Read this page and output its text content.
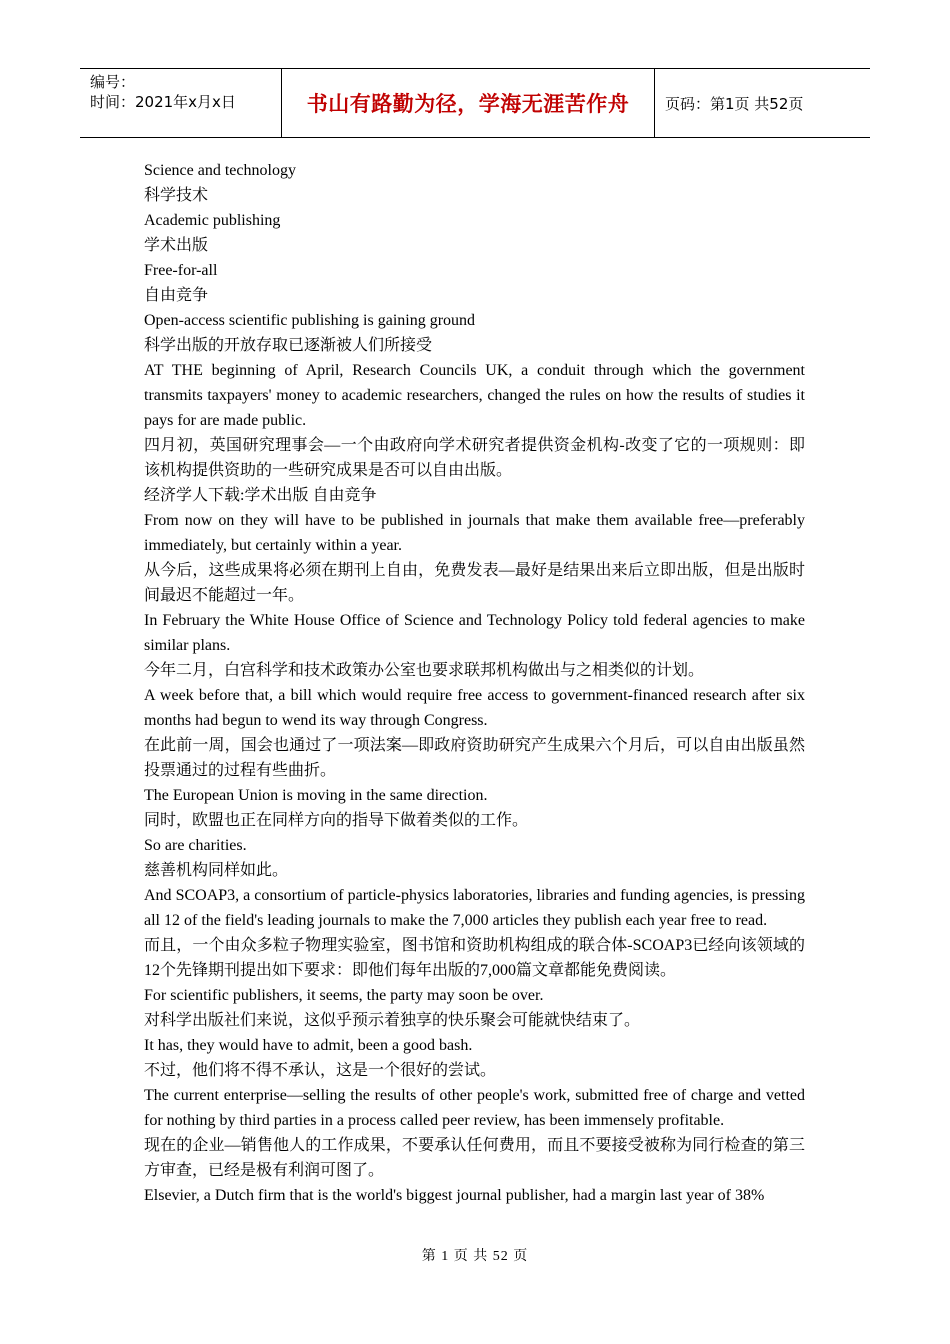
编号：
时间：2021年x月x日	书山有路勤为径，学海无涯苦作舟	页码：第1页 共52页

Science and technology

科学技术

Academic publishing

学术出版

Free-for-all

自由竞争

Open-access scientific publishing is gaining ground

科学出版的开放存取已逐渐被人们所接受

AT THE beginning of April, Research Councils UK, a conduit through which the government transmits taxpayers' money to academic researchers, changed the rules on how the results of studies it pays for are made public.

四月初，英国研究理事会—一个由政府向学术研究者提供资金机构-改变了它的一项规则：即该机构提供资助的一些研究成果是否可以自由出版。

经济学人下载:学术出版 自由竞争

From now on they will have to be published in journals that make them available free—preferably immediately, but certainly within a year.

从今后，这些成果将必须在期刊上自由，免费发表—最好是结果出来后立即出版，但是出版时间最迟不能超过一年。

In February the White House Office of Science and Technology Policy told federal agencies to make similar plans.

今年二月，白宫科学和技术政策办公室也要求联邦机构做出与之相类似的计划。

A week before that, a bill which would require free access to government-financed research after six months had begun to wend its way through Congress.

在此前一周，国会也通过了一项法案—即政府资助研究产生成果六个月后，可以自由出版虽然投票通过的过程有些曲折。

The European Union is moving in the same direction.

同时，欧盟也正在同样方向的指导下做着类似的工作。

So are charities.

慈善机构同样如此。

And SCOAP3, a consortium of particle-physics laboratories, libraries and funding agencies, is pressing all 12 of the field's leading journals to make the 7,000 articles they publish each year free to read.

而且，一个由众多粒子物理实验室，图书馆和资助机构组成的联合体-SCOAP3已经向该领域的12个先锋期刊提出如下要求：即他们每年出版的7,000篇文章都能免费阅读。

For scientific publishers, it seems, the party may soon be over.

对科学出版社们来说，这似乎预示着独享的快乐聚会可能就快结束了。

It has, they would have to admit, been a good bash.

不过，他们将不得不承认，这是一个很好的尝试。

The current enterprise—selling the results of other people's work, submitted free of charge and vetted for nothing by third parties in a process called peer review, has been immensely profitable.

现在的企业—销售他人的工作成果，不要承认任何费用，而且不要接受被称为同行检查的第三方审查，已经是极有利润可图了。

Elsevier, a Dutch firm that is the world's biggest journal publisher, had a margin last year of 38%

第 1 页 共 52 页
